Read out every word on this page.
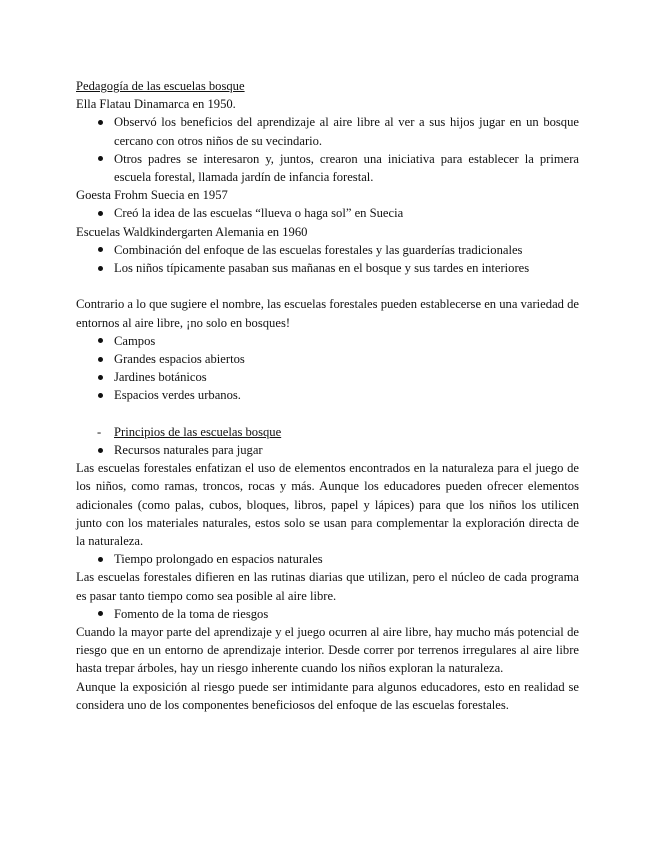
Pedagogía de las escuelas bosque

Ella Flatau Dinamarca en 1950.

Observó los beneficios del aprendizaje al aire libre al ver a sus hijos jugar en un bosque cercano con otros niños de su vecindario.
Otros padres se interesaron y, juntos, crearon una iniciativa para establecer la primera escuela forestal, llamada jardín de infancia forestal.

Goesta Frohm Suecia en 1957

Creó la idea de las escuelas “llueva o haga sol” en Suecia

Escuelas Waldkindergarten Alemania en 1960

Combinación del enfoque de las escuelas forestales y las guarderías tradicionales
Los niños típicamente pasaban sus mañanas en el bosque y sus tardes en interiores

Contrario a lo que sugiere el nombre, las escuelas forestales pueden establecerse en una variedad de entornos al aire libre, ¡no solo en bosques!

Campos
Grandes espacios abiertos
Jardines botánicos
Espacios verdes urbanos.

- Principios de las escuelas bosque

Recursos naturales para jugar

Las escuelas forestales enfatizan el uso de elementos encontrados en la naturaleza para el juego de los niños, como ramas, troncos, rocas y más. Aunque los educadores pueden ofrecer elementos adicionales (como palas, cubos, bloques, libros, papel y lápices) para que los niños los utilicen junto con los materiales naturales, estos solo se usan para complementar la exploración directa de la naturaleza.

Tiempo prolongado en espacios naturales

Las escuelas forestales difieren en las rutinas diarias que utilizan, pero el núcleo de cada programa es pasar tanto tiempo como sea posible al aire libre.

Fomento de la toma de riesgos

Cuando la mayor parte del aprendizaje y el juego ocurren al aire libre, hay mucho más potencial de riesgo que en un entorno de aprendizaje interior. Desde correr por terrenos irregulares al aire libre hasta trepar árboles, hay un riesgo inherente cuando los niños exploran la naturaleza.

Aunque la exposición al riesgo puede ser intimidante para algunos educadores, esto en realidad se considera uno de los componentes beneficiosos del enfoque de las escuelas forestales.
